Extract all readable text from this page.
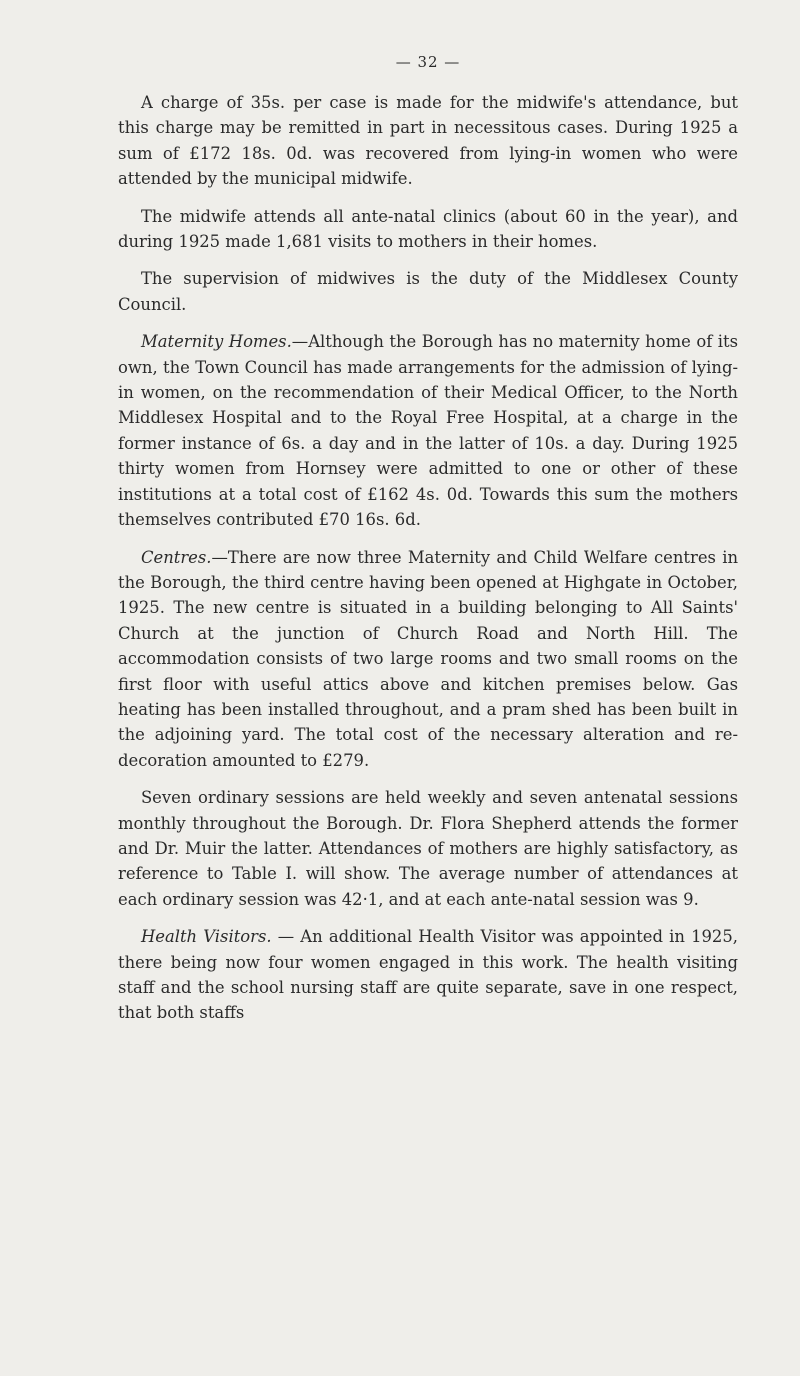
— 32 —

A charge of 35s. per case is made for the midwife's attendance, but this charge may be remitted in part in necessitous cases. During 1925 a sum of £172 18s. 0d. was recovered from lying-in women who were attended by the municipal midwife.

The midwife attends all ante-natal clinics (about 60 in the year), and during 1925 made 1,681 visits to mothers in their homes.

The supervision of midwives is the duty of the Middlesex County Council.

Maternity Homes.—Although the Borough has no maternity home of its own, the Town Council has made arrangements for the admission of lying-in women, on the recommendation of their Medical Officer, to the North Middlesex Hospital and to the Royal Free Hospital, at a charge in the former instance of 6s. a day and in the latter of 10s. a day. During 1925 thirty women from Hornsey were admitted to one or other of these institutions at a total cost of £162 4s. 0d. Towards this sum the mothers themselves contributed £70 16s. 6d.

Centres.—There are now three Maternity and Child Welfare centres in the Borough, the third centre having been opened at Highgate in October, 1925. The new centre is situated in a building belonging to All Saints' Church at the junction of Church Road and North Hill. The accommodation consists of two large rooms and two small rooms on the first floor with useful attics above and kitchen premises below. Gas heating has been installed throughout, and a pram shed has been built in the adjoining yard. The total cost of the necessary alteration and re-decoration amounted to £279.

Seven ordinary sessions are held weekly and seven antenatal sessions monthly throughout the Borough. Dr. Flora Shepherd attends the former and Dr. Muir the latter. Attendances of mothers are highly satisfactory, as reference to Table I. will show. The average number of attendances at each ordinary session was 42·1, and at each ante-natal session was 9.

Health Visitors. — An additional Health Visitor was appointed in 1925, there being now four women engaged in this work. The health visiting staff and the school nursing staff are quite separate, save in one respect, that both staffs
